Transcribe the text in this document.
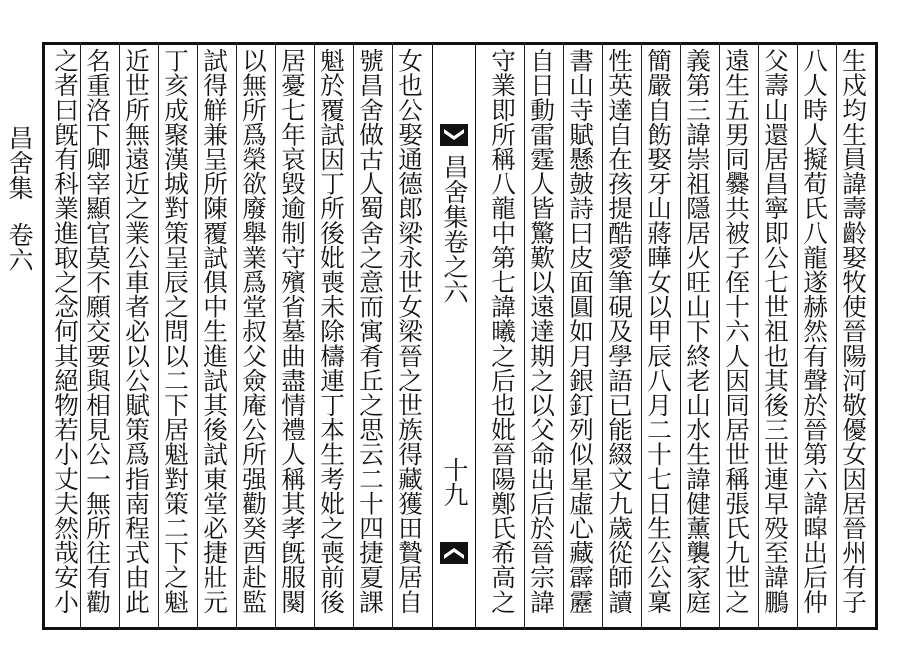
昌舍集
卷六	昌舍集卷之六
十九	生戍均生員諱壽齡娶牧使晉陽河敬優女因居晉州有子
八人時人擬荀氏八龍遂赫然有聲於晉第六諱暭出后仲
父壽山還居昌寧即公七世祖也其後三世連早殁至諱鵬
遠生五男同爨共被子侄十六人因同居世稱張氏九世之
義第三諱崇祖隱居火旺山下終老山水生諱健薰襲家庭
簡嚴自飭娶牙山蔣曄女以甲辰八月二十七日生公公稟
性英達自在孩提酷愛筆硯及學語已能綴文九歲從師讀
書山寺賦懸皷詩曰皮面圓如月銀釘列似星虛心藏霹靂
自日動雷霆人皆驚歎以遠達期之以父命出后於晉宗諱
守業即所稱八龍中第七諱曦之后也妣晉陽鄭氏希高之
女也公娶通德郎梁永世女梁晉之世族得藏獲田贄居自
號昌舍做古人蜀舍之意而寓肴丘之思云二十四捷夏課
魁於覆試因丁所後妣喪未除檮連丁本生考妣之喪前後
居憂七年哀毀逾制守殯省墓曲盡情禮人稱其孝旣服闋
以無所爲榮欲廢舉業爲堂叔父僉庵公所强勸癸酉赴監
試得觧兼呈所陳覆試俱中生進試其後試東堂必捷壯元
丁亥成聚漢城對策呈辰之問以二下居魁對策二下之魁
近世所無遠近之業公車者必以公賦策爲指南程式由此
名重洛下卿宰顯官莫不願交要與相見公一無所往有勸
之者曰旣有科業進取之念何其絕物若小丈夫然哉安小
